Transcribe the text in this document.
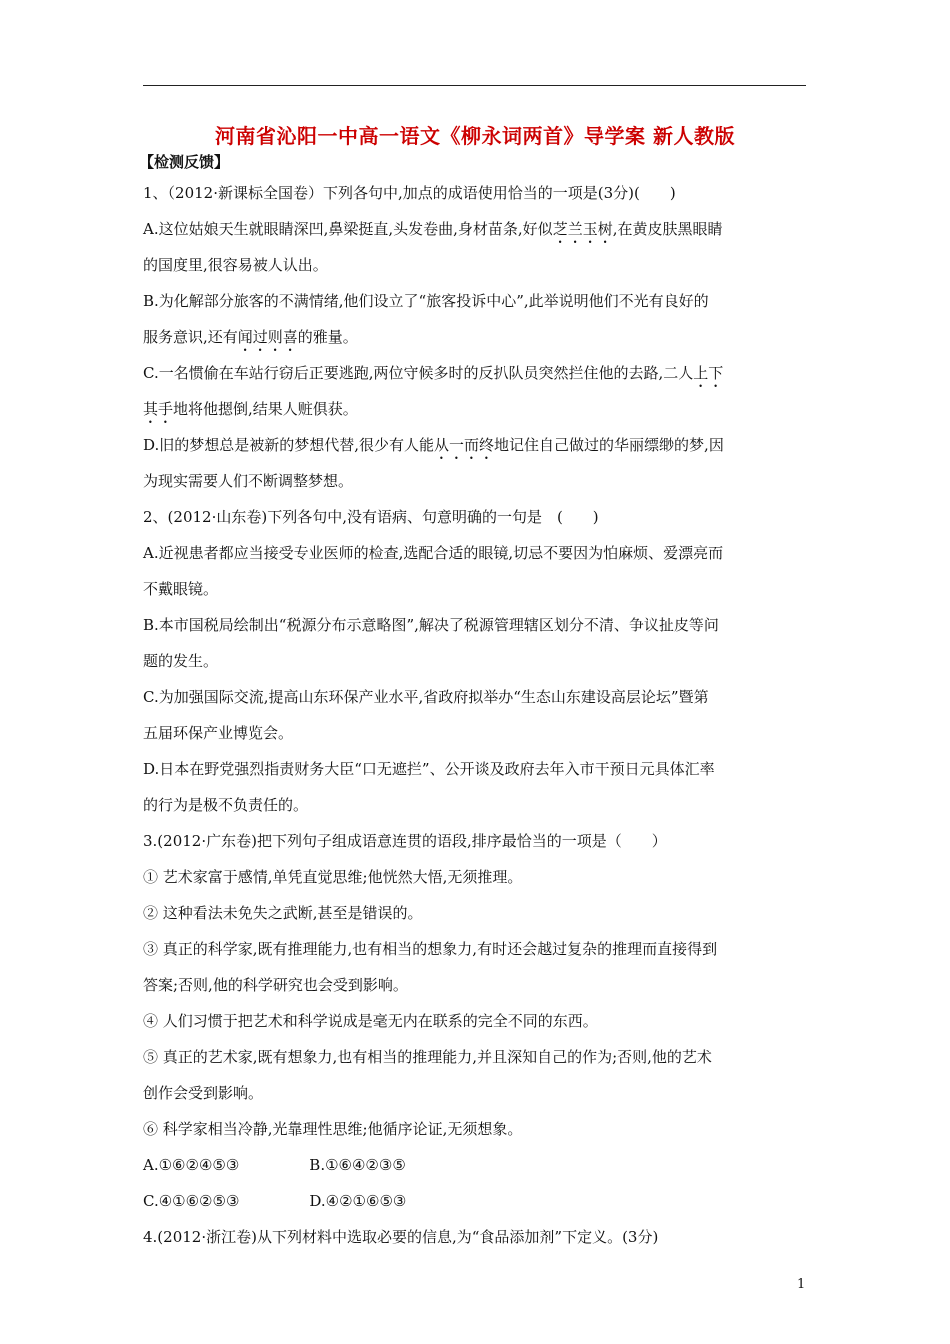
河南省沁阳一中高一语文《柳永词两首》导学案 新人教版
【检测反馈】
1、（2012·新课标全国卷）下列各句中,加点的成语使用恰当的一项是(3分)(　　)
A.这位姑娘天生就眼睛深凹,鼻梁挺直,头发卷曲,身材苗条,好似芝兰玉树,在黄皮肤黑眼睛
的国度里,很容易被人认出。
B.为化解部分旅客的不满情绪,他们设立了“旅客投诉中心”,此举说明他们不光有良好的
服务意识,还有闻过则喜的雅量。
C.一名惯偷在车站行窃后正要逃跑,两位守候多时的反扒队员突然拦住他的去路,二人上下
其手地将他摁倒,结果人赃俱获。
D.旧的梦想总是被新的梦想代替,很少有人能从一而终地记住自己做过的华丽缥缈的梦,因
为现实需要人们不断调整梦想。
2、(2012·山东卷)下列各句中,没有语病、句意明确的一句是　(　　)
A.近视患者都应当接受专业医师的检查,选配合适的眼镜,切忌不要因为怕麻烦、爱漂亮而
不戴眼镜。
B.本市国税局绘制出“税源分布示意略图”,解决了税源管理辖区划分不清、争议扯皮等问
题的发生。
C.为加强国际交流,提高山东环保产业水平,省政府拟举办“生态山东建设高层论坛”暨第
五届环保产业博览会。
D.日本在野党强烈指责财务大臣“口无遮拦”、公开谈及政府去年入市干预日元具体汇率
的行为是极不负责任的。
3.(2012·广东卷)把下列句子组成语意连贯的语段,排序最恰当的一项是（　　）
① 艺术家富于感情,单凭直觉思维;他恍然大悟,无须推理。
② 这种看法未免失之武断,甚至是错误的。
③ 真正的科学家,既有推理能力,也有相当的想象力,有时还会越过复杂的推理而直接得到
答案;否则,他的科学研究也会受到影响。
④ 人们习惯于把艺术和科学说成是毫无内在联系的完全不同的东西。
⑤ 真正的艺术家,既有想象力,也有相当的推理能力,并且深知自己的作为;否则,他的艺术
创作会受到影响。
⑥ 科学家相当冷静,光靠理性思维;他循序论证,无须想象。
A.①⑥②④⑤③	B.①⑥④②③⑤
C.④①⑥②⑤③	D.④②①⑥⑤③
4.(2012·浙江卷)从下列材料中选取必要的信息,为“食品添加剂”下定义。(3分)
1
